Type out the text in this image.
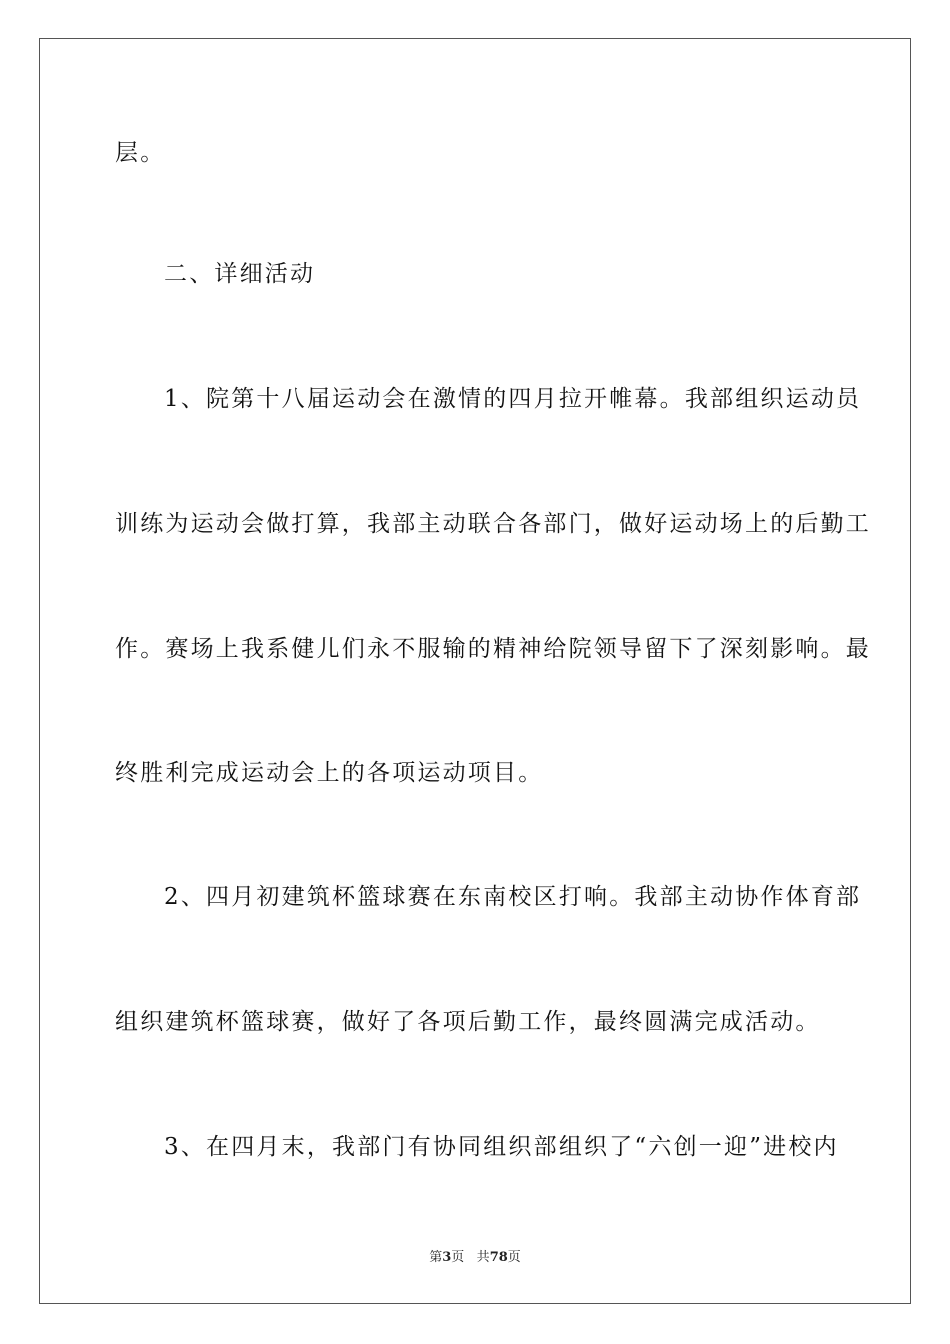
层。
二、详细活动
1、院第十八届运动会在激情的四月拉开帷幕。我部组织运动员
训练为运动会做打算，我部主动联合各部门，做好运动场上的后勤工
作。赛场上我系健儿们永不服输的精神给院领导留下了深刻影响。最
终胜利完成运动会上的各项运动项目。
2、四月初建筑杯篮球赛在东南校区打响。我部主动协作体育部
组织建筑杯篮球赛，做好了各项后勤工作，最终圆满完成活动。
3、在四月末，我部门有协同组织部组织了“六创一迎”进校内
第3页 共78页
